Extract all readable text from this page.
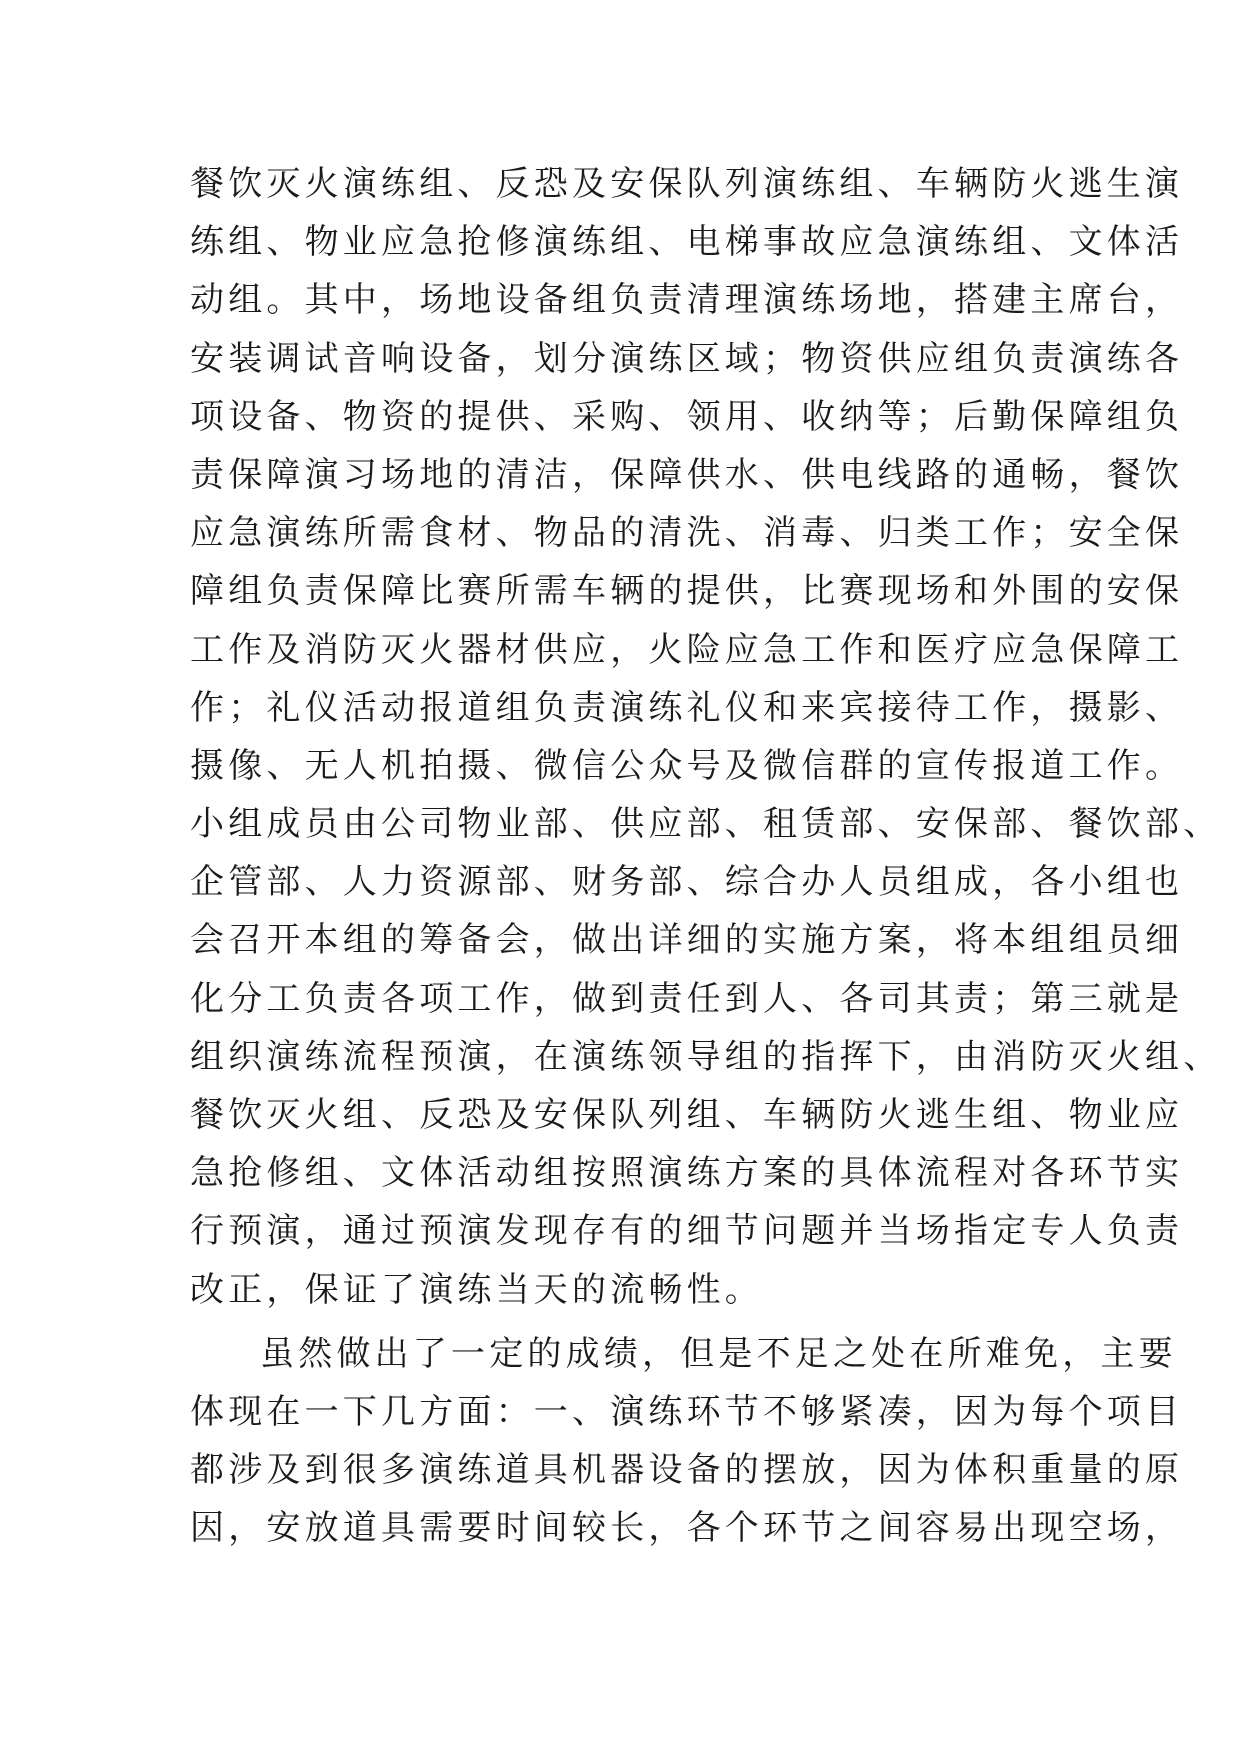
餐饮灭火演练组、反恐及安保队列演练组、车辆防火逃生演
练组、物业应急抢修演练组、电梯事故应急演练组、文体活
动组。其中，场地设备组负责清理演练场地，搭建主席台，
安装调试音响设备，划分演练区域；物资供应组负责演练各
项设备、物资的提供、采购、领用、收纳等；后勤保障组负
责保障演习场地的清洁，保障供水、供电线路的通畅，餐饮
应急演练所需食材、物品的清洗、消毒、归类工作；安全保
障组负责保障比赛所需车辆的提供，比赛现场和外围的安保
工作及消防灭火器材供应，火险应急工作和医疗应急保障工
作；礼仪活动报道组负责演练礼仪和来宾接待工作，摄影、
摄像、无人机拍摄、微信公众号及微信群的宣传报道工作。
小组成员由公司物业部、供应部、租赁部、安保部、餐饮部、
企管部、人力资源部、财务部、综合办人员组成，各小组也
会召开本组的筹备会，做出详细的实施方案，将本组组员细
化分工负责各项工作，做到责任到人、各司其责；第三就是
组织演练流程预演，在演练领导组的指挥下，由消防灭火组、
餐饮灭火组、反恐及安保队列组、车辆防火逃生组、物业应
急抢修组、文体活动组按照演练方案的具体流程对各环节实
行预演，通过预演发现存有的细节问题并当场指定专人负责
改正，保证了演练当天的流畅性。
虽然做出了一定的成绩，但是不足之处在所难免，主要
体现在一下几方面：一、演练环节不够紧凑，因为每个项目
都涉及到很多演练道具机器设备的摆放，因为体积重量的原
因，安放道具需要时间较长，各个环节之间容易出现空场，
